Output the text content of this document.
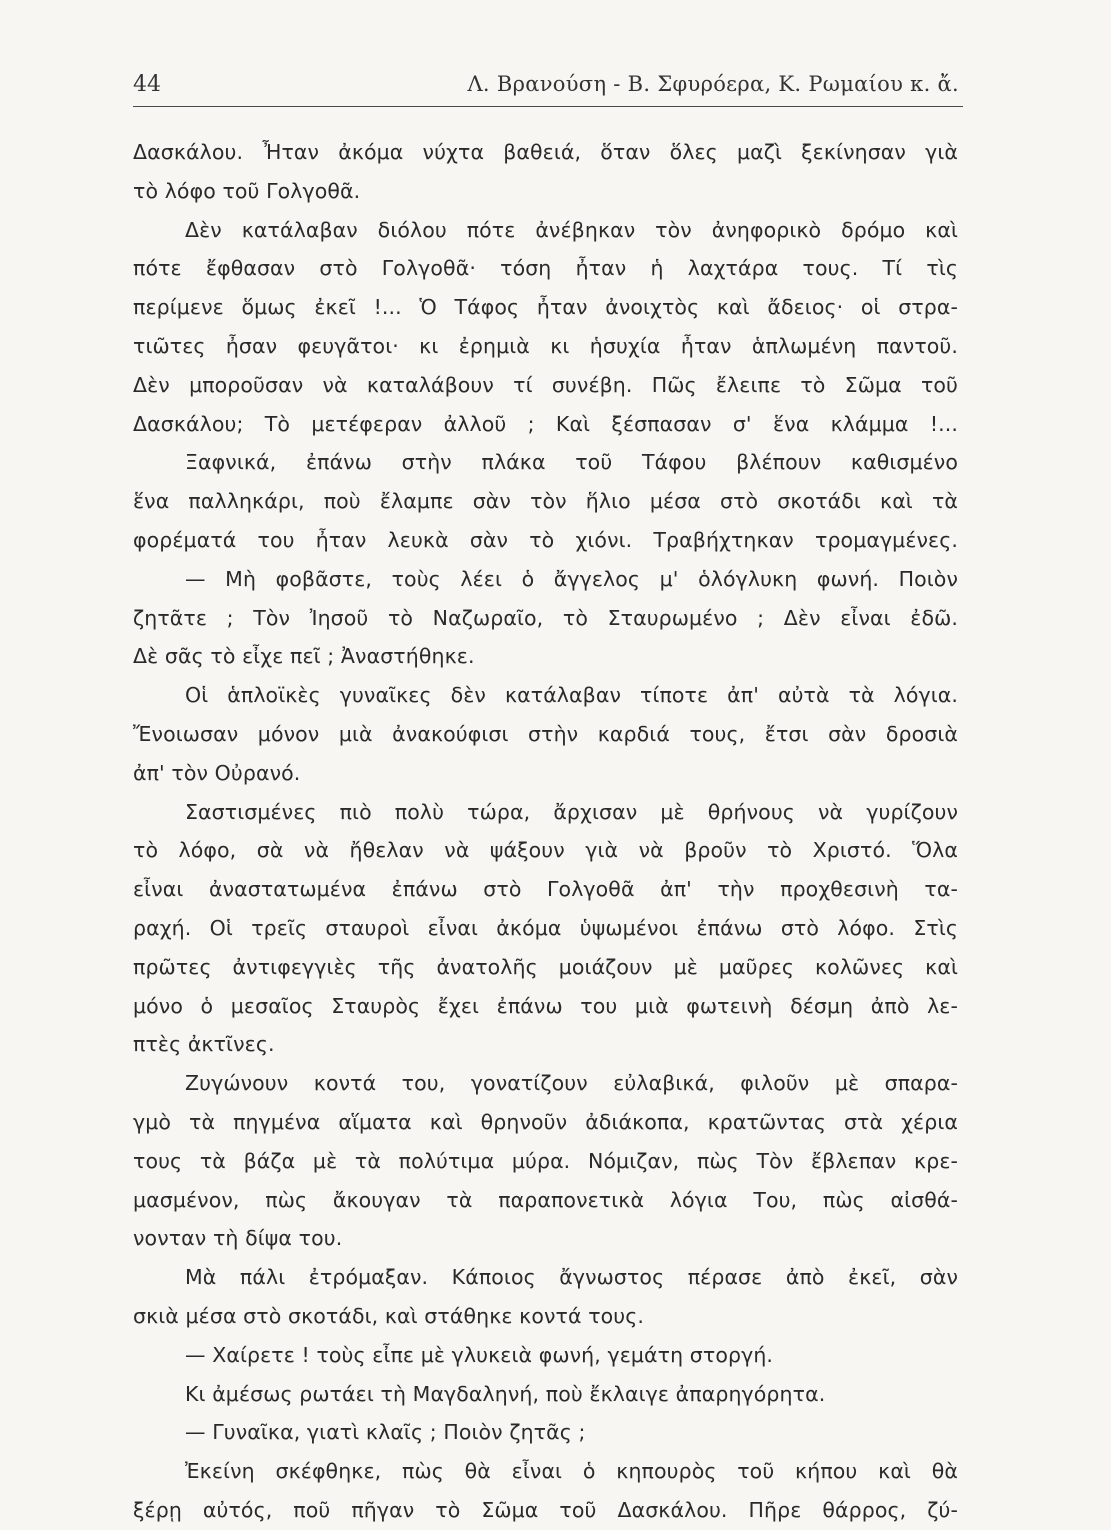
44	Λ. Βρανούση - Β. Σφυρόερα, Κ. Ρωμαίου κ. ἄ.
Δασκάλου. Ἦταν ἀκόμα νύχτα βαθειά, ὅταν ὅλες μαζὶ ξεκίνησαν γιὰ
τὸ λόφο τοῦ Γολγοθᾶ.
Δὲν κατάλαβαν διόλου πότε ἀνέβηκαν τὸν ἀνηφορικὸ δρόμο καὶ
πότε ἔφθασαν στὸ Γολγοθᾶ· τόση ἦταν ἡ λαχτάρα τους. Τί τὶς
περίμενε ὅμως ἐκεῖ !... Ὁ Τάφος ἦταν ἀνοιχτὸς καὶ ἄδειος· οἱ στρα-
τιῶτες ἦσαν φευγᾶτοι· κι ἐρημιὰ κι ἡσυχία ἦταν ἁπλωμένη παντοῦ.
Δὲν μποροῦσαν νὰ καταλάβουν τί συνέβη. Πῶς ἔλειπε τὸ Σῶμα τοῦ
Δασκάλου; Τὸ μετέφεραν ἀλλοῦ ; Καὶ ξέσπασαν σ' ἕνα κλάμμα !...
Ξαφνικά, ἐπάνω στὴν πλάκα τοῦ Τάφου βλέπουν καθισμένο
ἕνα παλληκάρι, ποὺ ἔλαμπε σὰν τὸν ἥλιο μέσα στὸ σκοτάδι καὶ τὰ
φορέματά του ἦταν λευκὰ σὰν τὸ χιόνι. Τραβήχτηκαν τρομαγμένες.
— Μὴ φοβᾶστε, τοὺς λέει ὁ ἄγγελος μ' ὁλόγλυκη φωνή. Ποιὸν
ζητᾶτε ; Τὸν Ἰησοῦ τὸ Ναζωραῖο, τὸ Σταυρωμένο ; Δὲν εἶναι ἐδῶ.
Δὲ σᾶς τὸ εἶχε πεῖ ; Ἀναστήθηκε.
Οἱ ἁπλοϊκὲς γυναῖκες δὲν κατάλαβαν τίποτε ἀπ' αὐτὰ τὰ λόγια.
Ἔνοιωσαν μόνον μιὰ ἀνακούφισι στὴν καρδιά τους, ἔτσι σὰν δροσιὰ
ἀπ' τὸν Οὐρανό.
Σαστισμένες πιὸ πολὺ τώρα, ἄρχισαν μὲ θρήνους νὰ γυρίζουν
τὸ λόφο, σὰ νὰ ἤθελαν νὰ ψάξουν γιὰ νὰ βροῦν τὸ Χριστό. Ὅλα
εἶναι ἀναστατωμένα ἐπάνω στὸ Γολγοθᾶ ἀπ' τὴν προχθεσινὴ τα-
ραχή. Οἱ τρεῖς σταυροὶ εἶναι ἀκόμα ὑψωμένοι ἐπάνω στὸ λόφο. Στὶς
πρῶτες ἀντιφεγγιὲς τῆς ἀνατολῆς μοιάζουν μὲ μαῦρες κολῶνες καὶ
μόνο ὁ μεσαῖος Σταυρὸς ἔχει ἐπάνω του μιὰ φωτεινὴ δέσμη ἀπὸ λε-
πτὲς ἀκτῖνες.
Ζυγώνουν κοντά του, γονατίζουν εὐλαβικά, φιλοῦν μὲ σπαρα-
γμὸ τὰ πηγμένα αἵματα καὶ θρηνοῦν ἀδιάκοπα, κρατῶντας στὰ χέρια
τους τὰ βάζα μὲ τὰ πολύτιμα μύρα. Νόμιζαν, πὼς Τὸν ἔβλεπαν κρε-
μασμένον, πὼς ἄκουγαν τὰ παραπονετικὰ λόγια Του, πὼς αἰσθά-
νονταν τὴ δίψα του.
Μὰ πάλι ἐτρόμαξαν. Κάποιος ἄγνωστος πέρασε ἀπὸ ἐκεῖ, σὰν
σκιὰ μέσα στὸ σκοτάδι, καὶ στάθηκε κοντά τους.
— Χαίρετε ! τοὺς εἶπε μὲ γλυκειὰ φωνή, γεμάτη στοργή.
Κι ἀμέσως ρωτάει τὴ Μαγδαληνή, ποὺ ἔκλαιγε ἀπαρηγόρητα.
— Γυναῖκα, γιατὶ κλαῖς ; Ποιὸν ζητᾶς ;
Ἐκείνη σκέφθηκε, πὼς θὰ εἶναι ὁ κηπουρὸς τοῦ κήπου καὶ θὰ
ξέρῃ αὐτός, ποῦ πῆγαν τὸ Σῶμα τοῦ Δασκάλου. Πῆρε θάρρος, ζύ-
